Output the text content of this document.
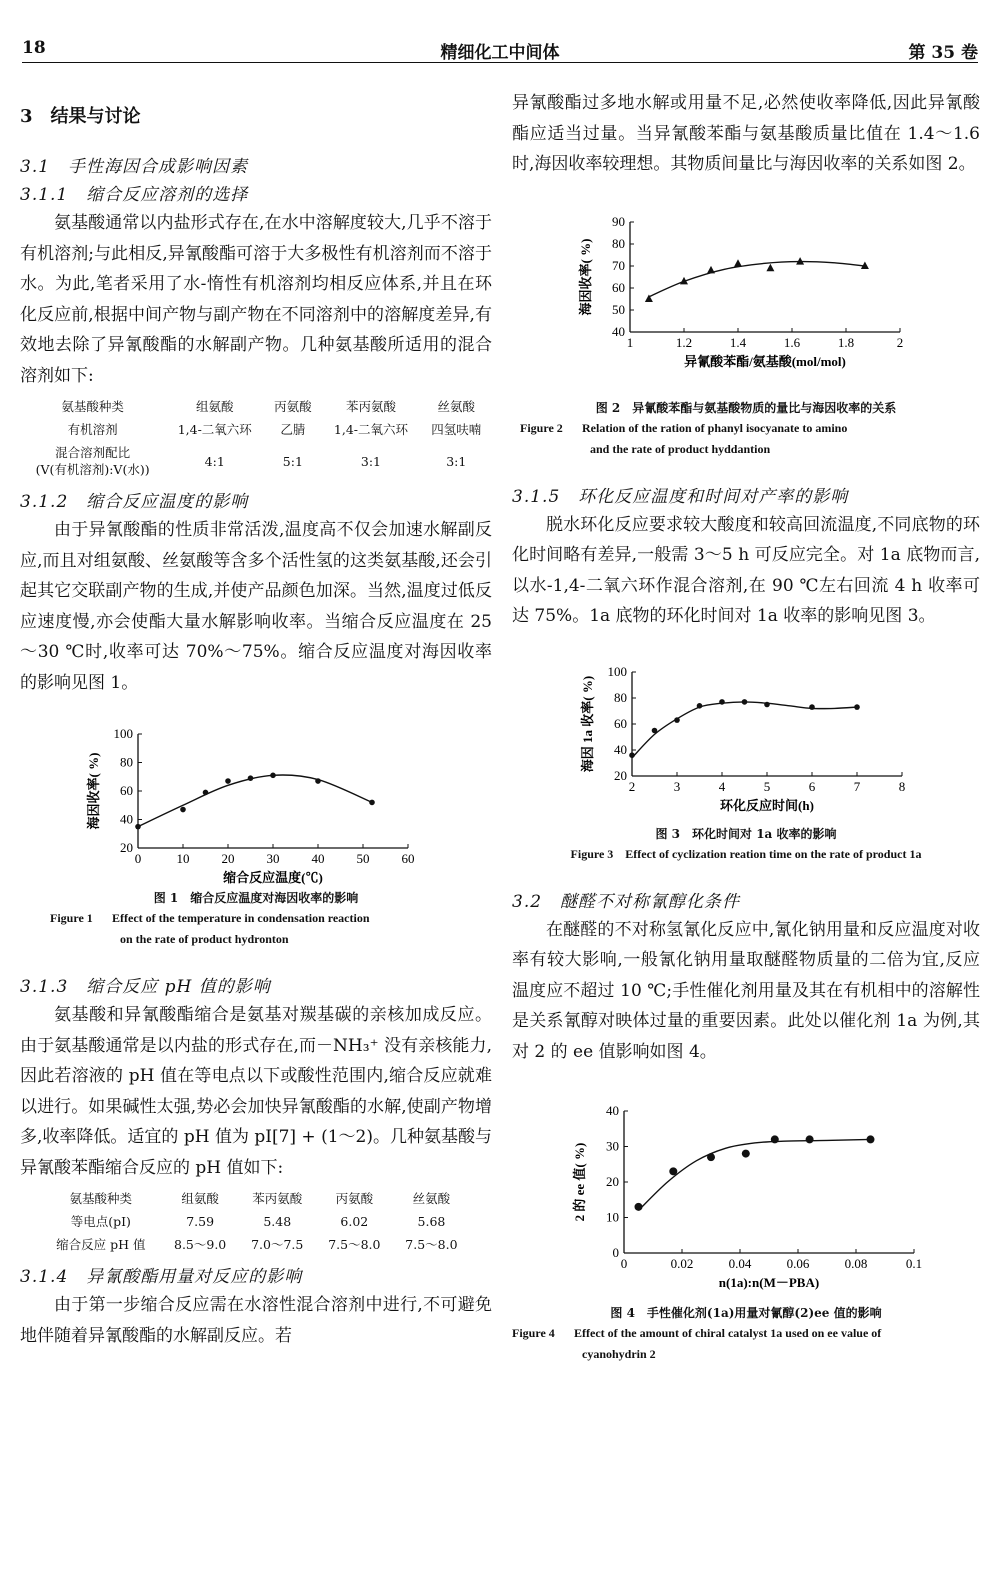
18	精细化工中间体	第 35 卷
3　结果与讨论
3.1　手性海因合成影响因素
3.1.1　缩合反应溶剂的选择

氨基酸通常以内盐形式存在,在水中溶解度较大,几乎不溶于有机溶剂;与此相反,异氰酸酯可溶于大多极性有机溶剂而不溶于水。为此,笔者采用了水-惰性有机溶剂均相反应体系,并且在环化反应前,根据中间产物与副产物在不同溶剂中的溶解度差异,有效地去除了异氰酸酯的水解副产物。几种氨基酸所适用的混合溶剂如下:

氨基酸种类	组氨酸	丙氨酸	苯丙氨酸	丝氨酸
有机溶剂	1,4-二氧六环	乙腈	1,4-二氧六环	四氢呋喃
混合溶剂配比
(V(有机溶剂):V(水))	4:1	5:1	3:1	3:1
3.1.2　缩合反应温度的影响

由于异氰酸酯的性质非常活泼,温度高不仅会加速水解副反应,而且对组氨酸、丝氨酸等含多个活性氢的这类氨基酸,还会引起其它交联副产物的生成,并使产品颜色加深。当然,温度过低反应速度慢,亦会使酯大量水解影响收率。当缩合反应温度在 25～30 ℃时,收率可达 70%～75%。缩合反应温度对海因收率的影响见图 1。

0	10 20 30 40 50 60
20
40
60
80
100
缩合反应温度(℃)
海因收率( %)
图 1　缩合反应温度对海因收率的影响
Figure 1 Effect of the temperature in condensation reaction
on the rate of product hydronton
3.1.3　缩合反应 pH 值的影响

氨基酸和异氰酸酯缩合是氨基对羰基碳的亲核加成反应。由于氨基酸通常是以内盐的形式存在,而－NH₃⁺ 没有亲核能力,因此若溶液的 pH 值在等电点以下或酸性范围内,缩合反应就难以进行。如果碱性太强,势必会加快异氰酸酯的水解,使副产物增多,收率降低。适宜的 pH 值为 pI[7] + (1～2)。几种氨基酸与异氰酸苯酯缩合反应的 pH 值如下:

氨基酸种类	组氨酸	苯丙氨酸	丙氨酸	丝氨酸
等电点(pI)	7.59	5.48	6.02	5.68
缩合反应 pH 值	8.5～9.0	7.0～7.5	7.5～8.0	7.5～8.0
3.1.4　异氰酸酯用量对反应的影响

由于第一步缩合反应需在水溶性混合溶剂中进行,不可避免地伴随着异氰酸酯的水解副反应。若

异氰酸酯过多地水解或用量不足,必然使收率降低,因此异氰酸酯应适当过量。当异氰酸苯酯与氨基酸质量比值在 1.4～1.6 时,海因收率较理想。其物质间量比与海因收率的关系如图 2。

1	1.2	1.4	1.6	1.8	2
40
50
60
70
80
90
异氰酸苯酯/氨基酸(mol/mol)
海因收率( %)
图 2　异氰酸苯酯与氨基酸物质的量比与海因收率的关系
Figure 2 Relation of the ration of phanyl isocyanate to amino
and the rate of product hyddantion
3.1.5　环化反应温度和时间对产率的影响

脱水环化反应要求较大酸度和较高回流温度,不同底物的环化时间略有差异,一般需 3～5 h 可反应完全。对 1a 底物而言,以水-1,4-二氧六环作混合溶剂,在 90 ℃左右回流 4 h 收率可达 75%。1a 底物的环化时间对 1a 收率的影响见图 3。

2	3	4	5	6	7	8
20
40
60
80
100
环化反应时间(h)
海因 1a 收率( %)
图 3　环化时间对 1a 收率的影响
Figure 3　Effect of cyclization reation time on the rate of product 1a
3.2　醚醛不对称氰醇化条件

在醚醛的不对称氢氰化反应中,氰化钠用量和反应温度对收率有较大影响,一般氰化钠用量取醚醛物质量的二倍为宜,反应温度应不超过 10 ℃;手性催化剂用量及其在有机相中的溶解性是关系氰醇对映体过量的重要因素。此处以催化剂 1a 为例,其对 2 的 ee 值影响如图 4。

0	0.02	0.04	0.06	0.08	0.1
0
10
20
30
40
n(1a):n(M－PBA)
2 的 ee 值( %)
图 4　手性催化剂(1a)用量对氰醇(2)ee 值的影响
Figure 4 Effect of the amount of chiral catalyst 1a used on ee value of
cyanohydrin 2
